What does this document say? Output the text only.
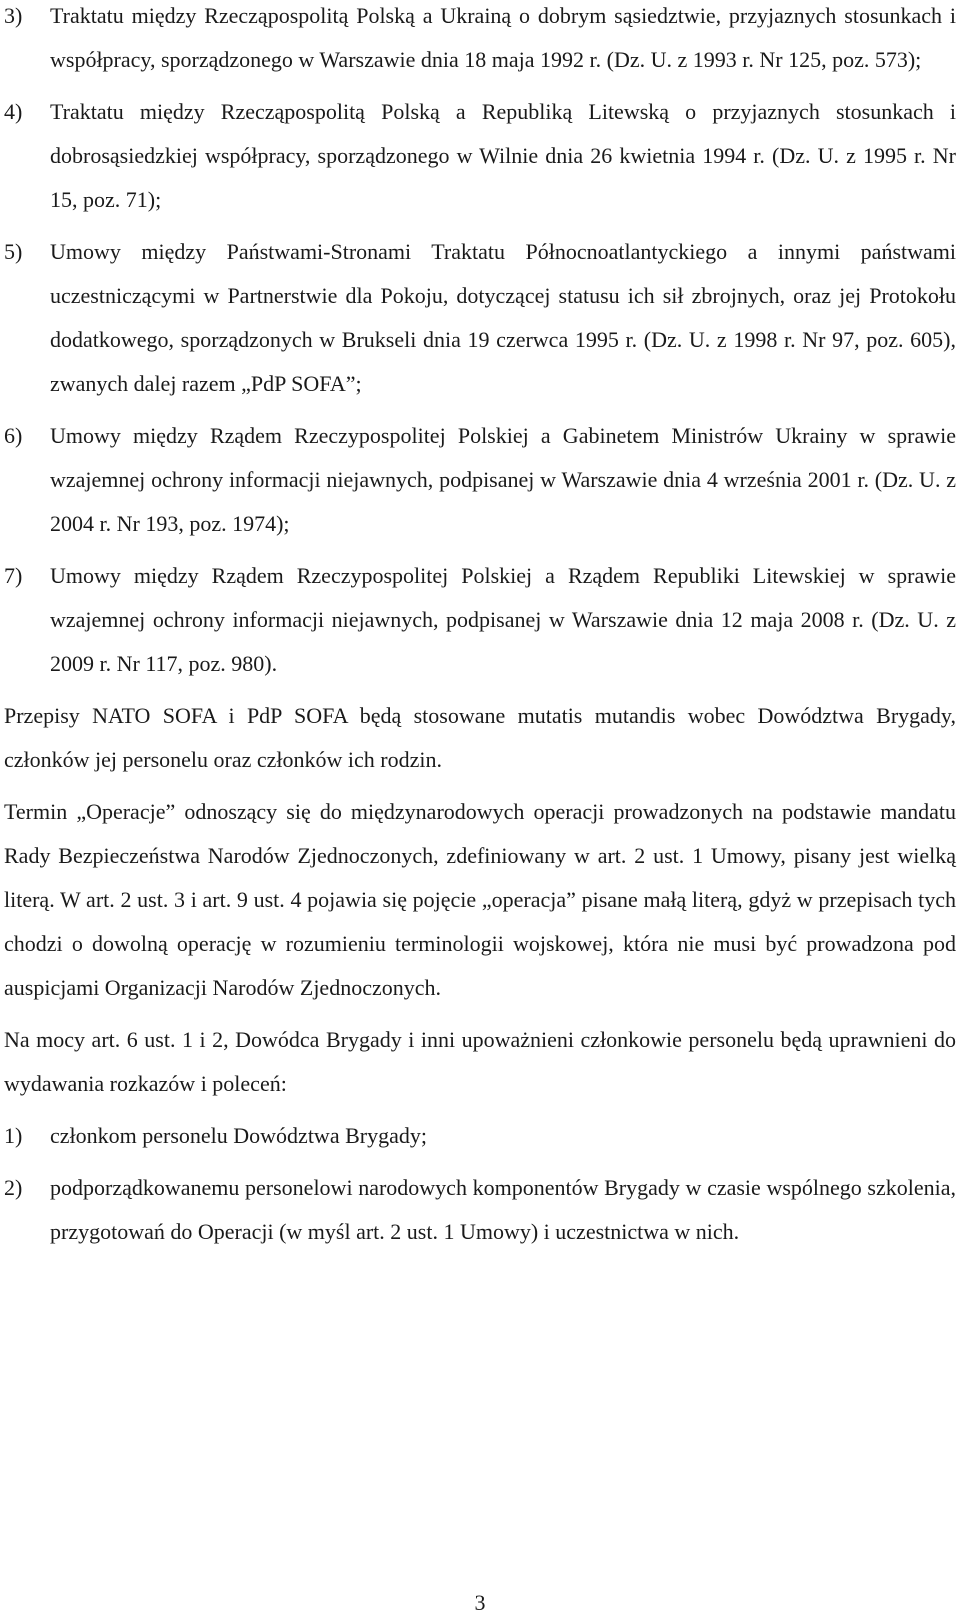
3)	Traktatu między Rzecząpospolitą Polską a Ukrainą o dobrym sąsiedztwie, przyjaznych stosunkach i współpracy, sporządzonego w Warszawie dnia 18 maja 1992 r. (Dz. U. z 1993 r. Nr 125, poz. 573);
4)	Traktatu między Rzecząpospolitą Polską a Republiką Litewską o przyjaznych stosunkach i dobrosąsiedzkiej współpracy, sporządzonego w Wilnie dnia 26 kwietnia 1994 r. (Dz. U. z 1995 r. Nr 15, poz. 71);
5)	Umowy między Państwami-Stronami Traktatu Północnoatlantyckiego a innymi państwami uczestniczącymi w Partnerstwie dla Pokoju, dotyczącej statusu ich sił zbrojnych, oraz jej Protokołu dodatkowego, sporządzonych w Brukseli dnia 19 czerwca 1995 r. (Dz. U. z 1998 r. Nr 97, poz. 605), zwanych dalej razem „PdP SOFA”;
6)	Umowy między Rządem Rzeczypospolitej Polskiej a Gabinetem Ministrów Ukrainy w sprawie wzajemnej ochrony informacji niejawnych, podpisanej w Warszawie dnia 4 września 2001 r. (Dz. U. z 2004 r. Nr 193, poz. 1974);
7)	Umowy między Rządem Rzeczypospolitej Polskiej a Rządem Republiki Litewskiej w sprawie wzajemnej ochrony informacji niejawnych, podpisanej w Warszawie dnia 12 maja 2008 r. (Dz. U. z 2009 r. Nr 117, poz. 980).

Przepisy NATO SOFA i PdP SOFA będą stosowane mutatis mutandis wobec Dowództwa Brygady, członków jej personelu oraz członków ich rodzin.

Termin „Operacje” odnoszący się do międzynarodowych operacji prowadzonych na podstawie mandatu Rady Bezpieczeństwa Narodów Zjednoczonych, zdefiniowany w art. 2 ust. 1 Umowy, pisany jest wielką literą. W art. 2 ust. 3 i art. 9 ust. 4 pojawia się pojęcie „operacja” pisane małą literą, gdyż w przepisach tych chodzi o dowolną operację w rozumieniu terminologii wojskowej, która nie musi być prowadzona pod auspicjami Organizacji Narodów Zjednoczonych.

Na mocy art. 6 ust. 1 i 2, Dowódca Brygady i inni upoważnieni członkowie personelu będą uprawnieni do wydawania rozkazów i poleceń:

1)	członkom personelu Dowództwa Brygady;
2)	podporządkowanemu personelowi narodowych komponentów Brygady w czasie wspólnego szkolenia, przygotowań do Operacji (w myśl art. 2 ust. 1 Umowy) i uczestnictwa w nich.
3
